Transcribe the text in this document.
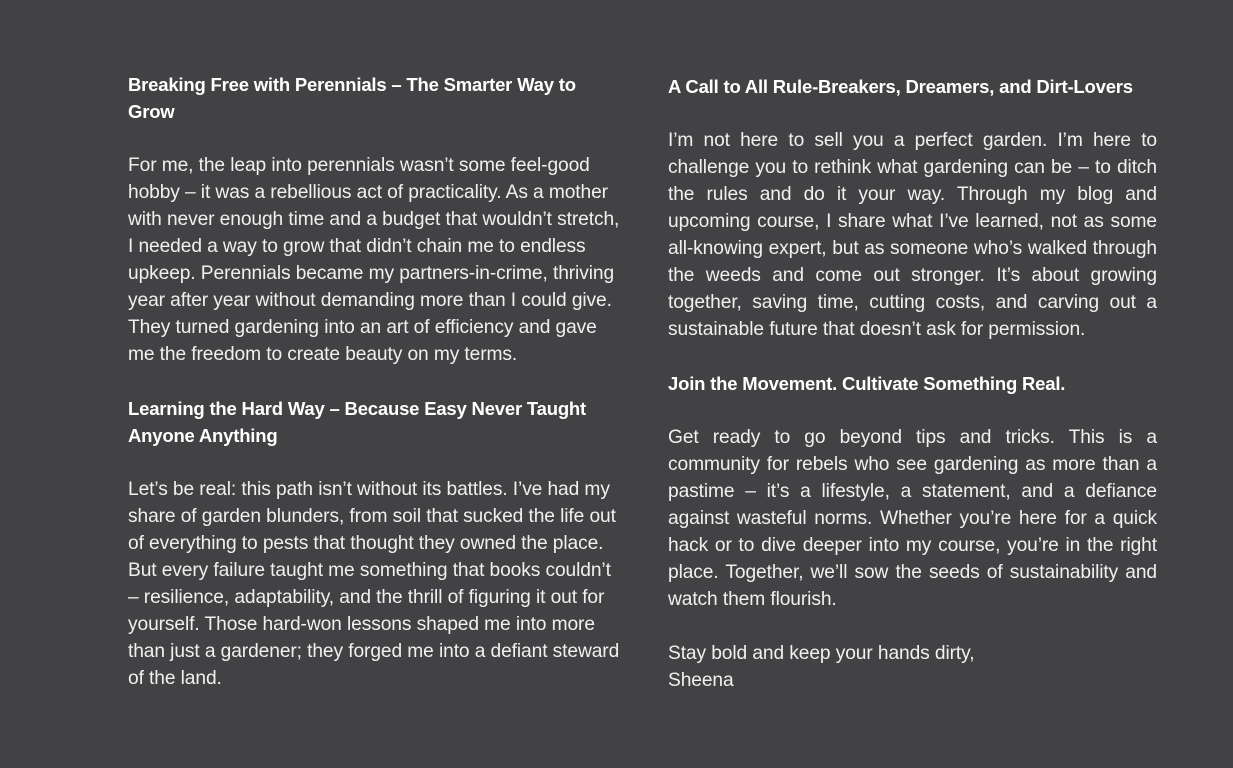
Breaking Free with Perennials – The Smarter Way to Grow

For me, the leap into perennials wasn’t some feel-good hobby – it was a rebellious act of practicality. As a mother with never enough time and a budget that wouldn’t stretch, I needed a way to grow that didn’t chain me to endless upkeep. Perennials became my partners-in-crime, thriving year after year without demanding more than I could give. They turned gardening into an art of efficiency and gave me the freedom to create beauty on my terms.

Learning the Hard Way – Because Easy Never Taught Anyone Anything

Let’s be real: this path isn’t without its battles. I’ve had my share of garden blunders, from soil that sucked the life out of everything to pests that thought they owned the place. But every failure taught me something that books couldn’t – resilience, adaptability, and the thrill of figuring it out for yourself. Those hard-won lessons shaped me into more than just a gardener; they forged me into a defiant steward of the land.

A Call to All Rule-Breakers, Dreamers, and Dirt-Lovers

I’m not here to sell you a perfect garden. I’m here to challenge you to rethink what gardening can be – to ditch the rules and do it your way. Through my blog and upcoming course, I share what I’ve learned, not as some all-knowing expert, but as someone who’s walked through the weeds and come out stronger. It’s about growing together, saving time, cutting costs, and carving out a sustainable future that doesn’t ask for permission.

Join the Movement. Cultivate Something Real.

Get ready to go beyond tips and tricks. This is a community for rebels who see gardening as more than a pastime – it’s a lifestyle, a statement, and a defiance against wasteful norms. Whether you’re here for a quick hack or to dive deeper into my course, you’re in the right place. Together, we’ll sow the seeds of sustainability and watch them flourish.

Stay bold and keep your hands dirty,

Sheena
